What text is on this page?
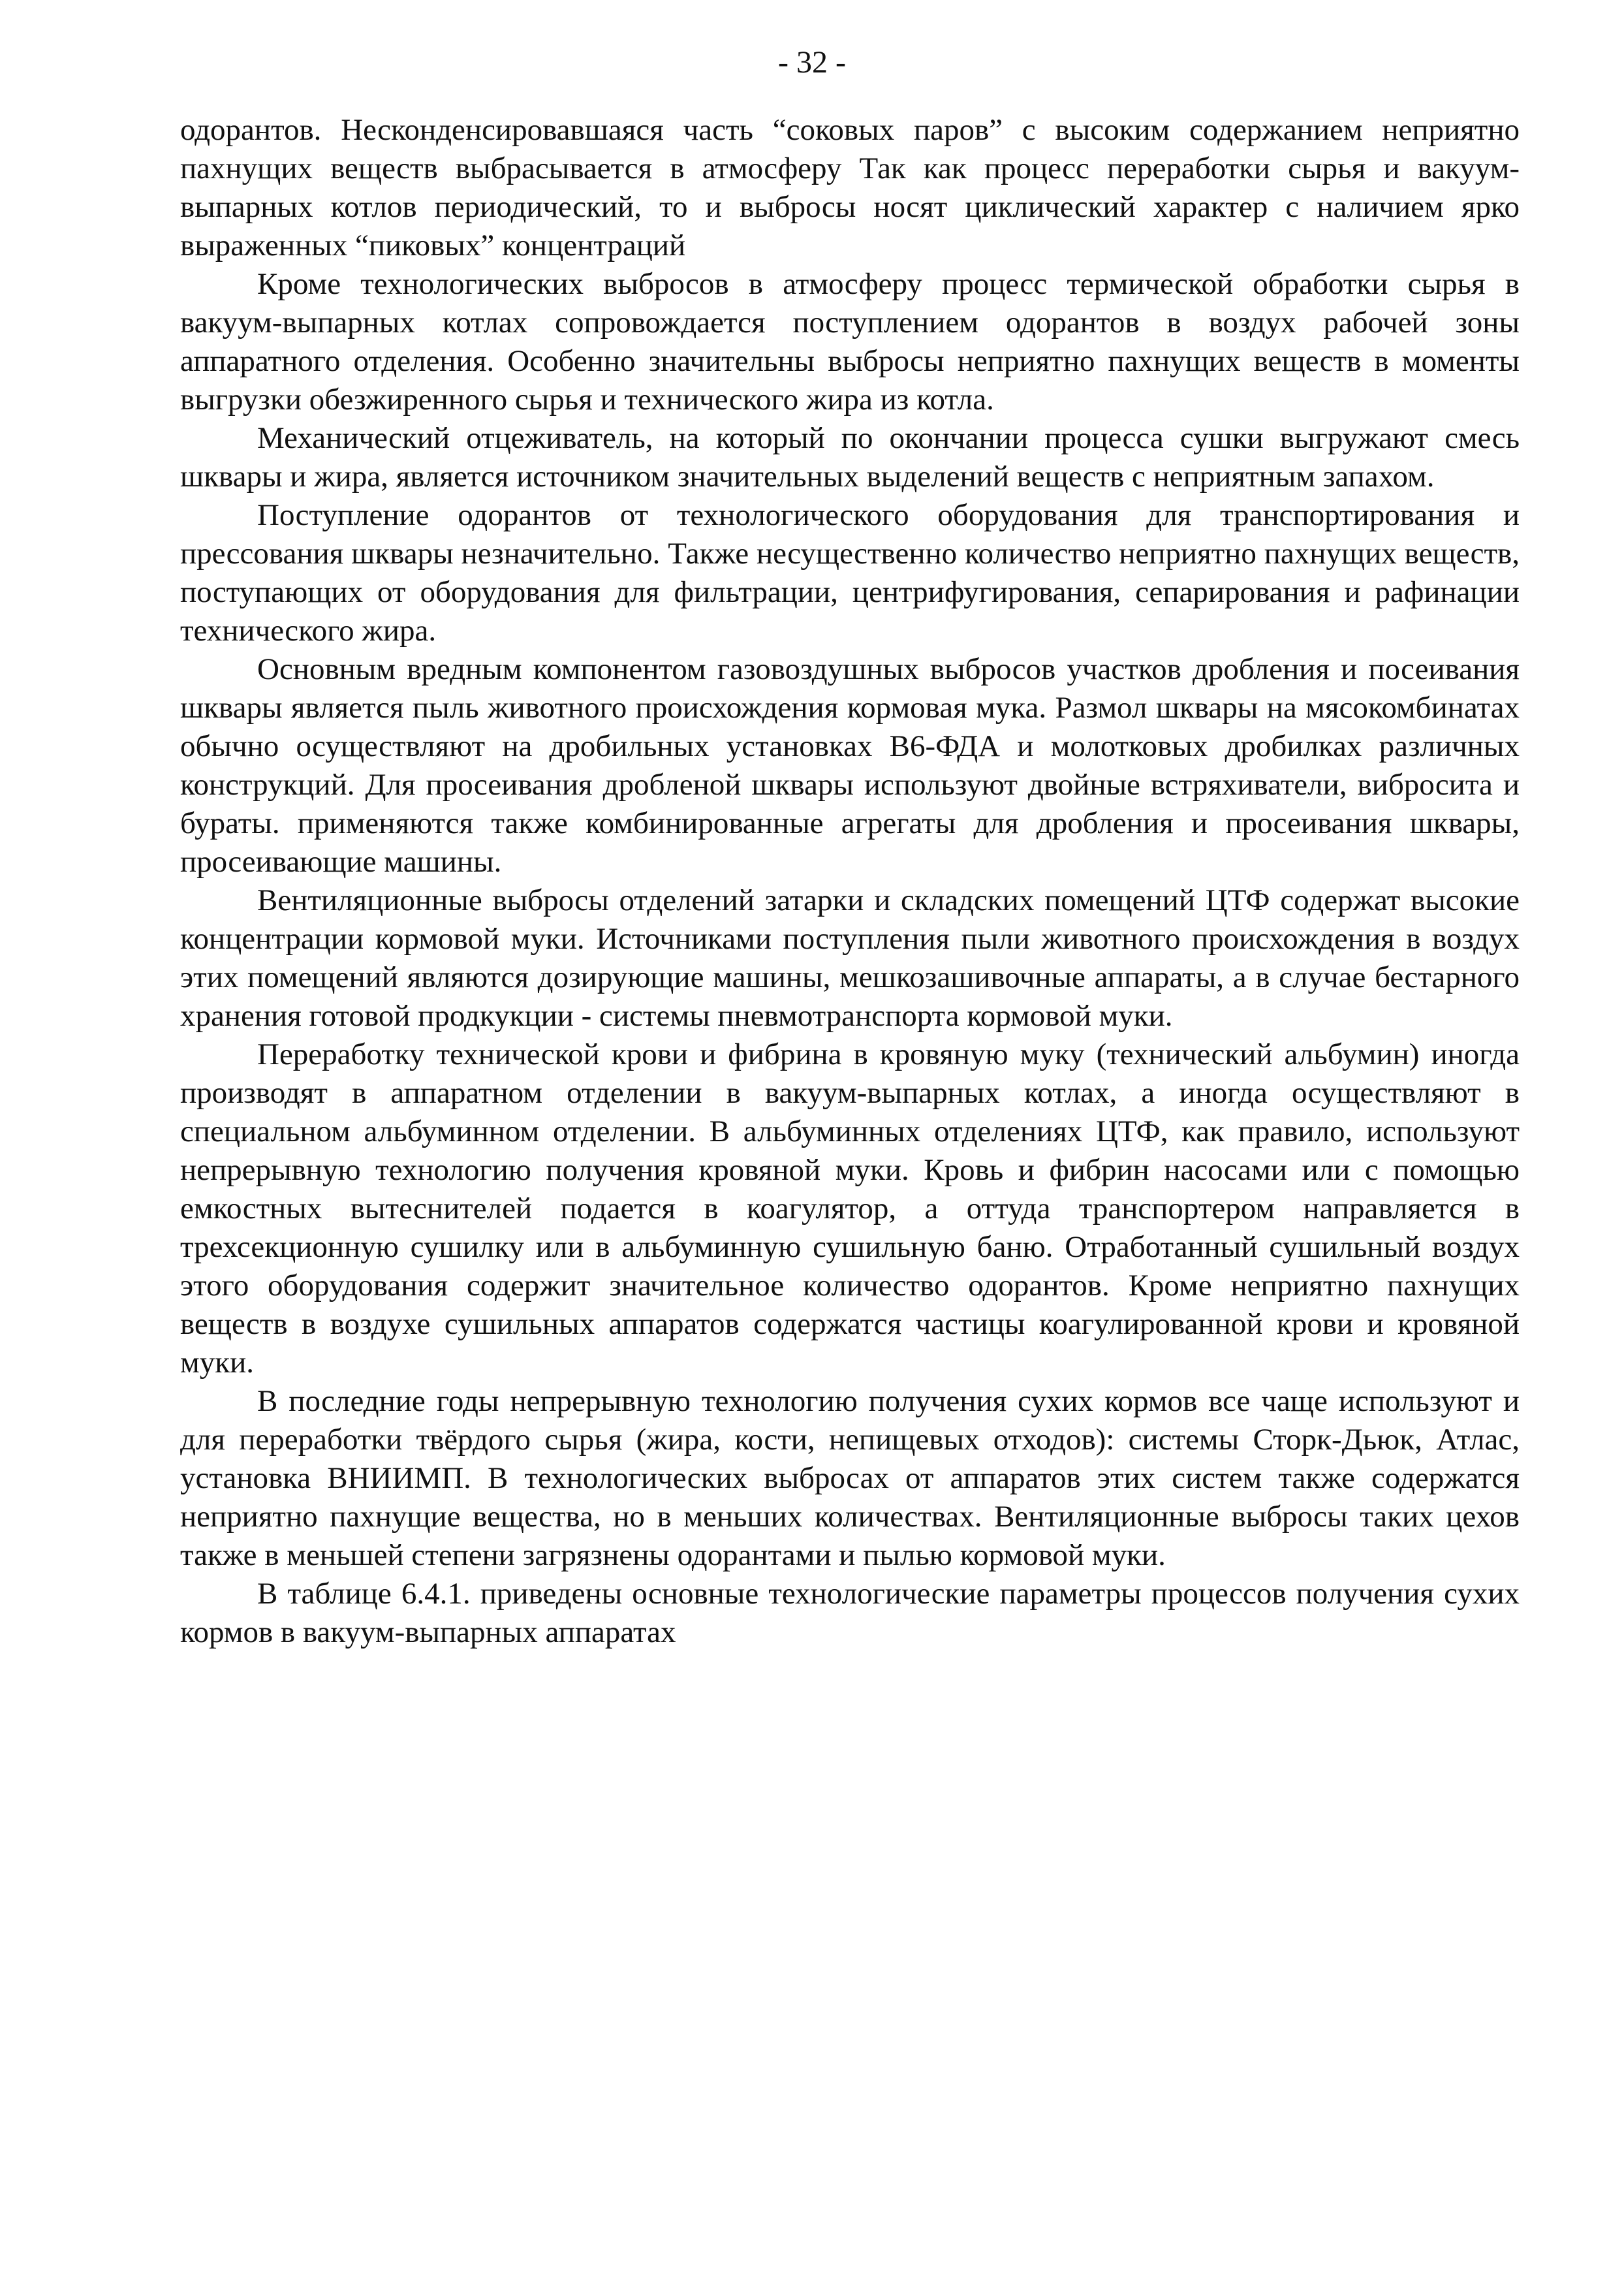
- 32 -

одорантов. Несконденсировавшаяся часть “соковых паров” с высоким содержанием неприятно пахнущих веществ выбрасывается в атмосферу Так как процесс переработки сырья и вакуум-выпарных котлов периодический, то и выбросы носят циклический характер с наличием ярко выраженных “пиковых” концентраций

Кроме технологических выбросов в атмосферу процесс термической обработки сырья в вакуум-выпарных котлах сопровождается поступлением одорантов в воздух рабочей зоны аппаратного отделения. Особенно значительны выбросы неприятно пахнущих веществ в моменты выгрузки обезжиренного сырья и технического жира из котла.

Механический отцеживатель, на который по окончании процесса сушки выгружают смесь шквары и жира, является источником значительных выделений веществ с неприятным запахом.

Поступление одорантов от технологического оборудования для транспортирования и прессования шквары незначительно. Также несущественно количество неприятно пахнущих веществ, поступающих от оборудования для фильтрации, центрифугирования, сепарирования и рафинации технического жира.

Основным вредным компонентом газовоздушных выбросов участков дробления и посеивания шквары является пыль животного происхождения кормовая мука. Размол шквары на мясокомбинатах обычно осуществляют на дробильных установках В6-ФДА и молотковых дробилках различных конструкций. Для просеивания дробленой шквары используют двойные встряхиватели, вибросита и бураты. применяются также комбинированные агрегаты для дробления и просеивания шквары, просеивающие машины.

Вентиляционные выбросы отделений затарки и складских помещений ЦТФ содержат высокие концентрации кормовой муки. Источниками поступления пыли животного происхождения в воздух этих помещений являются дозирующие машины, мешкозашивочные аппараты, а в случае бестарного хранения готовой продкукции - системы пневмотранспорта кормовой муки.

Переработку технической крови и фибрина в кровяную муку (технический альбумин) иногда производят в аппаратном отделении в вакуум-выпарных котлах, а иногда осуществляют в специальном альбуминном отделении. В альбуминных отделениях ЦТФ, как правило, используют непрерывную технологию получения кровяной муки. Кровь и фибрин насосами или с помощью емкостных вытеснителей подается в коагулятор, а оттуда транспортером направляется в трехсекционную сушилку или в альбуминную сушильную баню. Отработанный сушильный воздух этого оборудования содержит значительное количество одорантов. Кроме неприятно пахнущих веществ в воздухе сушильных аппаратов содержатся частицы коагулированной крови и кровяной муки.

В последние годы непрерывную технологию получения сухих кормов все чаще используют и для переработки твёрдого сырья (жира, кости, непищевых отходов): системы Сторк-Дьюк, Атлас, установка ВНИИМП. В технологических выбросах от аппаратов этих систем также содержатся неприятно пахнущие вещества, но в меньших количествах. Вентиляционные выбросы таких цехов также в меньшей степени загрязнены одорантами и пылью кормовой муки.

В таблице 6.4.1. приведены основные технологические параметры процессов получения сухих кормов в вакуум-выпарных аппаратах
